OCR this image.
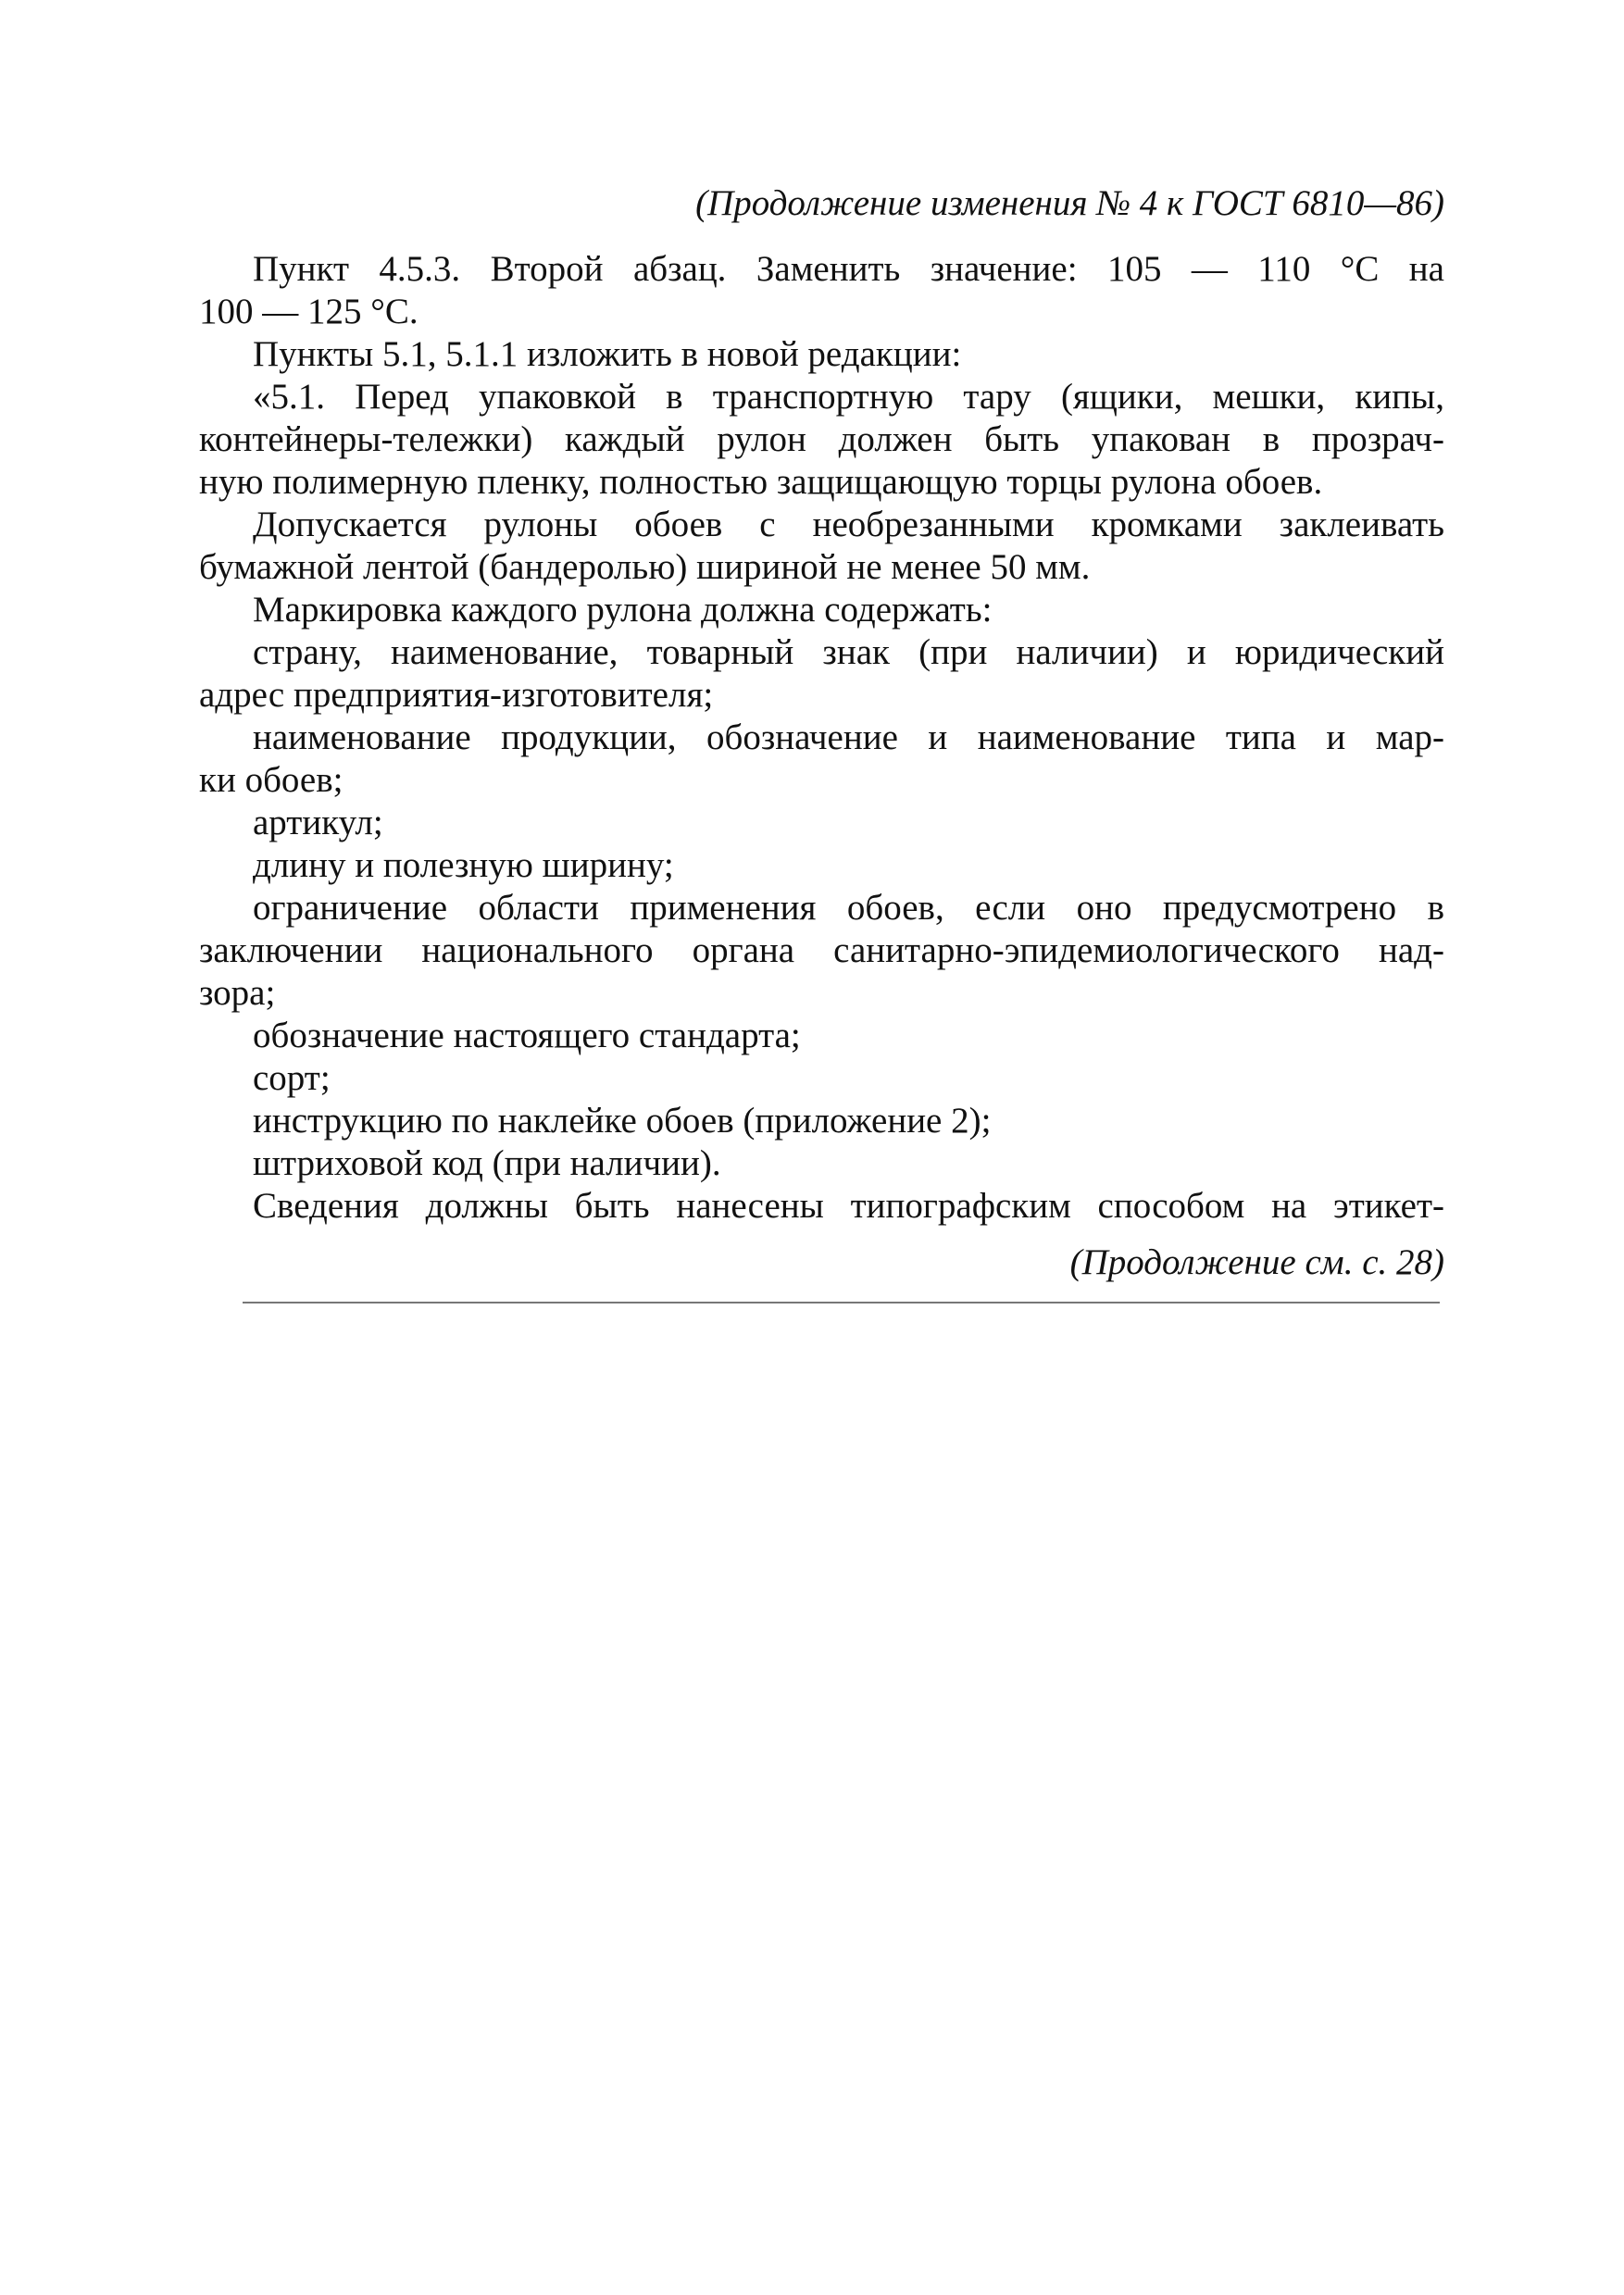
(Продолжение изменения № 4 к ГОСТ 6810—86)
Пункт 4.5.3. Второй абзац. Заменить значение: 105 — 110 °С на
100 — 125 °С.
Пункты 5.1, 5.1.1 изложить в новой редакции:
«5.1. Перед упаковкой в транспортную тару (ящики, мешки, кипы,
контейнеры-тележки) каждый рулон должен быть упакован в прозрач-
ную полимерную пленку, полностью защищающую торцы рулона обоев.
Допускается рулоны обоев с необрезанными кромками заклеивать
бумажной лентой (бандеролью) шириной не менее 50 мм.
Маркировка каждого рулона должна содержать:
страну, наименование, товарный знак (при наличии) и юридический
адрес предприятия-изготовителя;
наименование продукции, обозначение и наименование типа и мар-
ки обоев;
артикул;
длину и полезную ширину;
ограничение области применения обоев, если оно предусмотрено в
заключении национального органа санитарно-эпидемиологического над-
зора;
обозначение настоящего стандарта;
сорт;
инструкцию по наклейке обоев (приложение 2);
штриховой код (при наличии).
Сведения должны быть нанесены типографским способом на этикет-
(Продолжение см. с. 28)
